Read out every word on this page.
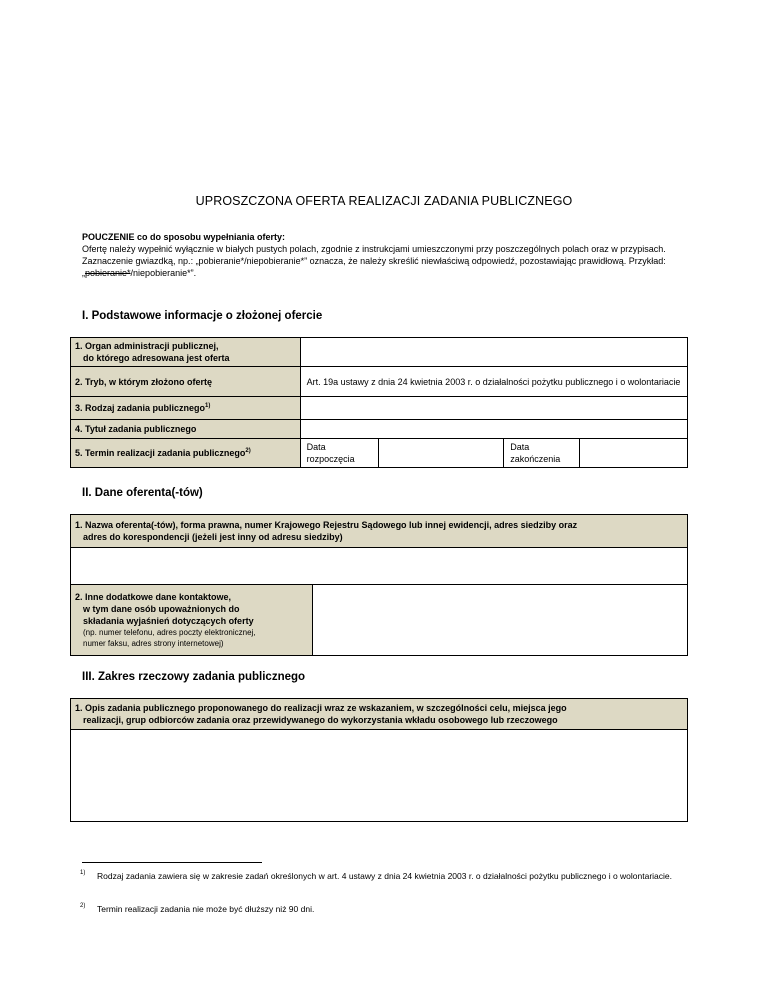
UPROSZCZONA OFERTA REALIZACJI ZADANIA PUBLICZNEGO
POUCZENIE co do sposobu wypełniania oferty:
Ofertę należy wypełnić wyłącznie w białych pustych polach, zgodnie z instrukcjami umieszczonymi przy poszczególnych polach oraz w przypisach.
Zaznaczenie gwiazdką, np.: „pobieranie*/niepobieranie*” oznacza, że należy skreślić niewłaściwą odpowiedź, pozostawiając prawidłową. Przykład: „pobieranie*/niepobieranie*”.
I. Podstawowe informacje o złożonej ofercie
1. Organ administracji publicznej,
do którego adresowana jest oferta				

2. Tryb, w którym złożono ofertę	Art. 19a ustawy z dnia 24 kwietnia 2003 r. o działalności pożytku publicznego i o wolontariacie			
3. Rodzaj zadania publicznego$^{1)}$	
4. Tytuł zadania publicznego				
5. Termin realizacji zadania publicznego$^{2)}$	Data
rozpoczęcia		Data
zakończenia	
II. Dane oferenta(-tów)
1. Nazwa oferenta(-tów), forma prawna, numer Krajowego Rejestru Sądowego lub innej ewidencji, adres siedziby oraz
adres do korespondencji (jeżeli jest inny od adresu siedziby)

2. Inne dodatkowe dane kontaktowe,
w tym dane osób upoważnionych do
składania wyjaśnień dotyczących oferty
(np. numer telefonu, adres poczty elektronicznej,
numer faksu, adres strony internetowej)

III. Zakres rzeczowy zadania publicznego
1. Opis zadania publicznego proponowanego do realizacji wraz ze wskazaniem, w szczególności celu, miejsca jego
realizacji, grup odbiorców zadania oraz przewidywanego do wykorzystania wkładu osobowego lub rzeczowego

1)	Rodzaj zadania zawiera się w zakresie zadań określonych w art. 4 ustawy z dnia 24 kwietnia 2003 r. o działalności pożytku publicznego i o wolontariacie.
2)	Termin realizacji zadania nie może być dłuższy niż 90 dni.
